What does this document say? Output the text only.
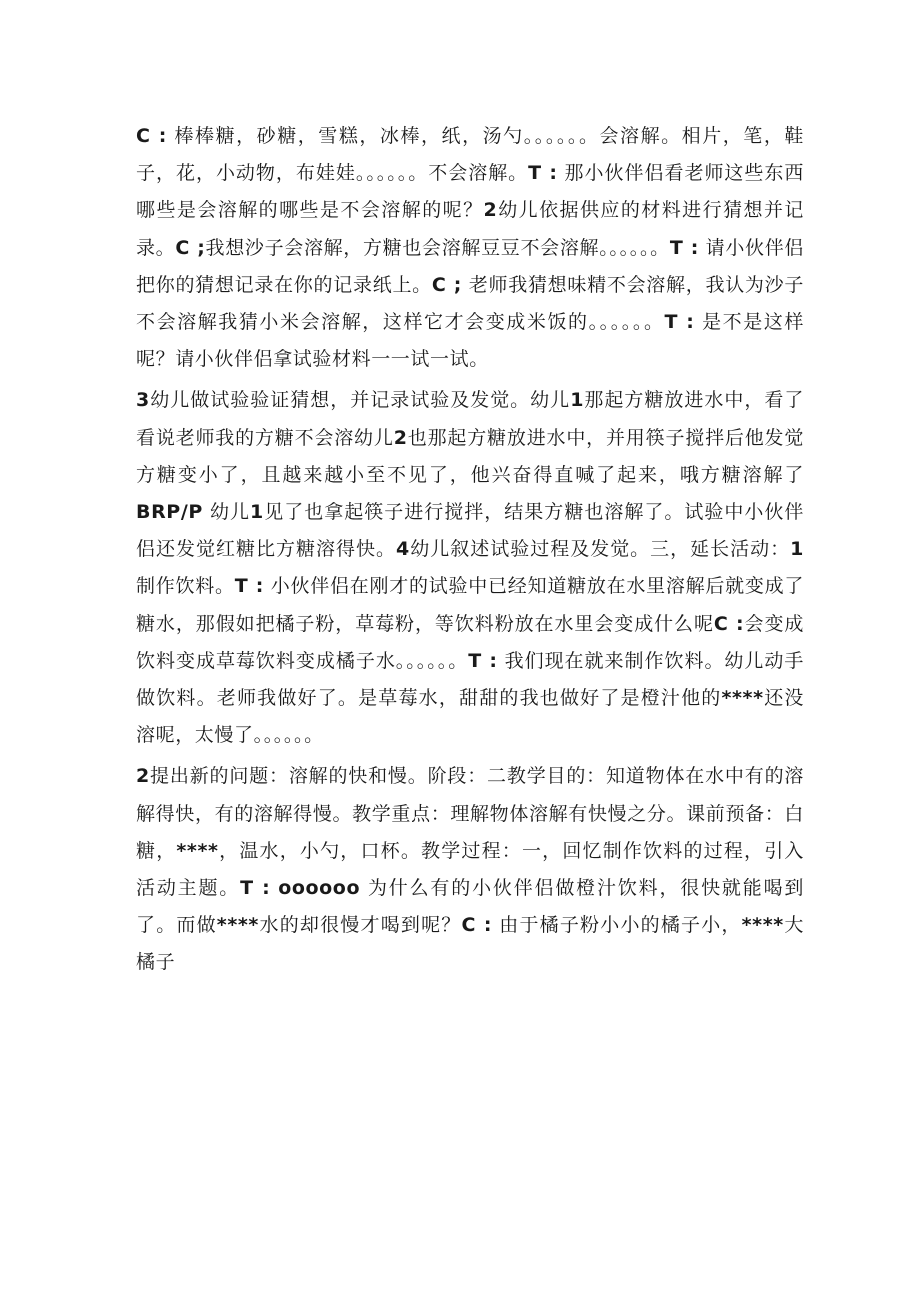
C : 棒棒糖，砂糖，雪糕，冰棒，纸，汤勺。。。。。。会溶解。相片，笔，鞋子，花，小动物，布娃娃。。。。。。不会溶解。T : 那小伙伴侣看老师这些东西哪些是会溶解的哪些是不会溶解的呢？2幼儿依据供应的材料进行猜想并记录。C ;我想沙子会溶解，方糖也会溶解豆豆不会溶解。。。。。。T : 请小伙伴侣把你的猜想记录在你的记录纸上。C ; 老师我猜想味精不会溶解，我认为沙子不会溶解我猜小米会溶解，这样它才会变成米饭的。。。。。。T : 是不是这样呢？请小伙伴侣拿试验材料一一试一试。

3幼儿做试验验证猜想，并记录试验及发觉。幼儿1那起方糖放进水中，看了看说老师我的方糖不会溶幼儿2也那起方糖放进水中，并用筷子搅拌后他发觉方糖变小了，且越来越小至不见了，他兴奋得直喊了起来，哦方糖溶解了 BRP/P 幼儿1见了也拿起筷子进行搅拌，结果方糖也溶解了。试验中小伙伴侣还发觉红糖比方糖溶得快。4幼儿叙述试验过程及发觉。三，延长活动：1制作饮料。T : 小伙伴侣在刚才的试验中已经知道糖放在水里溶解后就变成了糖水，那假如把橘子粉，草莓粉，等饮料粉放在水里会变成什么呢C :会变成饮料变成草莓饮料变成橘子水。。。。。。T : 我们现在就来制作饮料。幼儿动手做饮料。老师我做好了。是草莓水，甜甜的我也做好了是橙汁他的****还没溶呢，太慢了。。。。。。

2提出新的问题：溶解的快和慢。阶段：二教学目的：知道物体在水中有的溶解得快，有的溶解得慢。教学重点：理解物体溶解有快慢之分。课前预备：白糖，****，温水，小勺，口杯。教学过程：一，回忆制作饮料的过程，引入活动主题。T : oooooo 为什么有的小伙伴侣做橙汁饮料，很快就能喝到了。而做****水的却很慢才喝到呢？C : 由于橘子粉小小的橘子小，****大橘子
